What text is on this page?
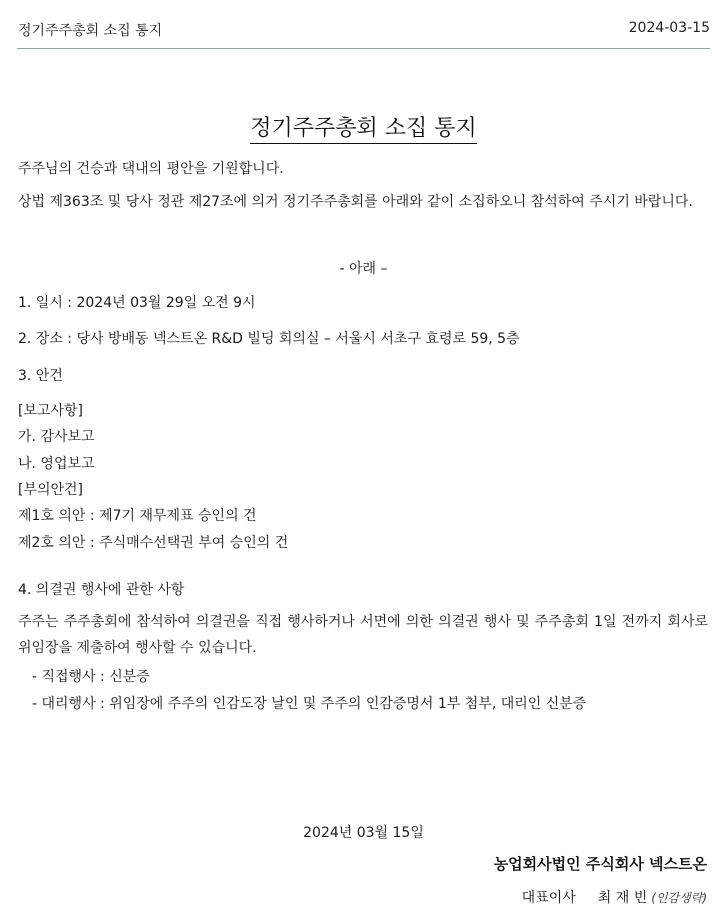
정기주주총회 소집 통지	2024-03-15
정기주주총회 소집 통지
주주님의 건승과 댁내의 평안을 기원합니다.
상법 제363조 및 당사 정관 제27조에 의거 정기주주총회를 아래와 같이 소집하오니 참석하여 주시기 바랍니다.
- 아래 –
1. 일시 : 2024년 03월 29일 오전 9시
2. 장소 : 당사 방배동 넥스트온 R&D 빌딩 회의실 – 서울시 서초구 효령로 59, 5층
3. 안건
[보고사항]
가. 감사보고
나. 영업보고
[부의안건]
제1호 의안 : 제7기 재무제표 승인의 건
제2호 의안 : 주식매수선택권 부여 승인의 건
4. 의결권 행사에 관한 사항
주주는 주주총회에 참석하여 의결권을 직접 행사하거나 서면에 의한 의결권 행사 및 주주총회 1일 전까지 회사로 위임장을 제출하여 행사할 수 있습니다.
- 직접행사 : 신분증
- 대리행사 : 위임장에 주주의 인감도장 날인 및 주주의 인감증명서 1부 첨부, 대리인 신분증
2024년 03월 15일
농업회사법인 주식회사 넥스트온
대표이사 최 재 빈 (인감생략)
